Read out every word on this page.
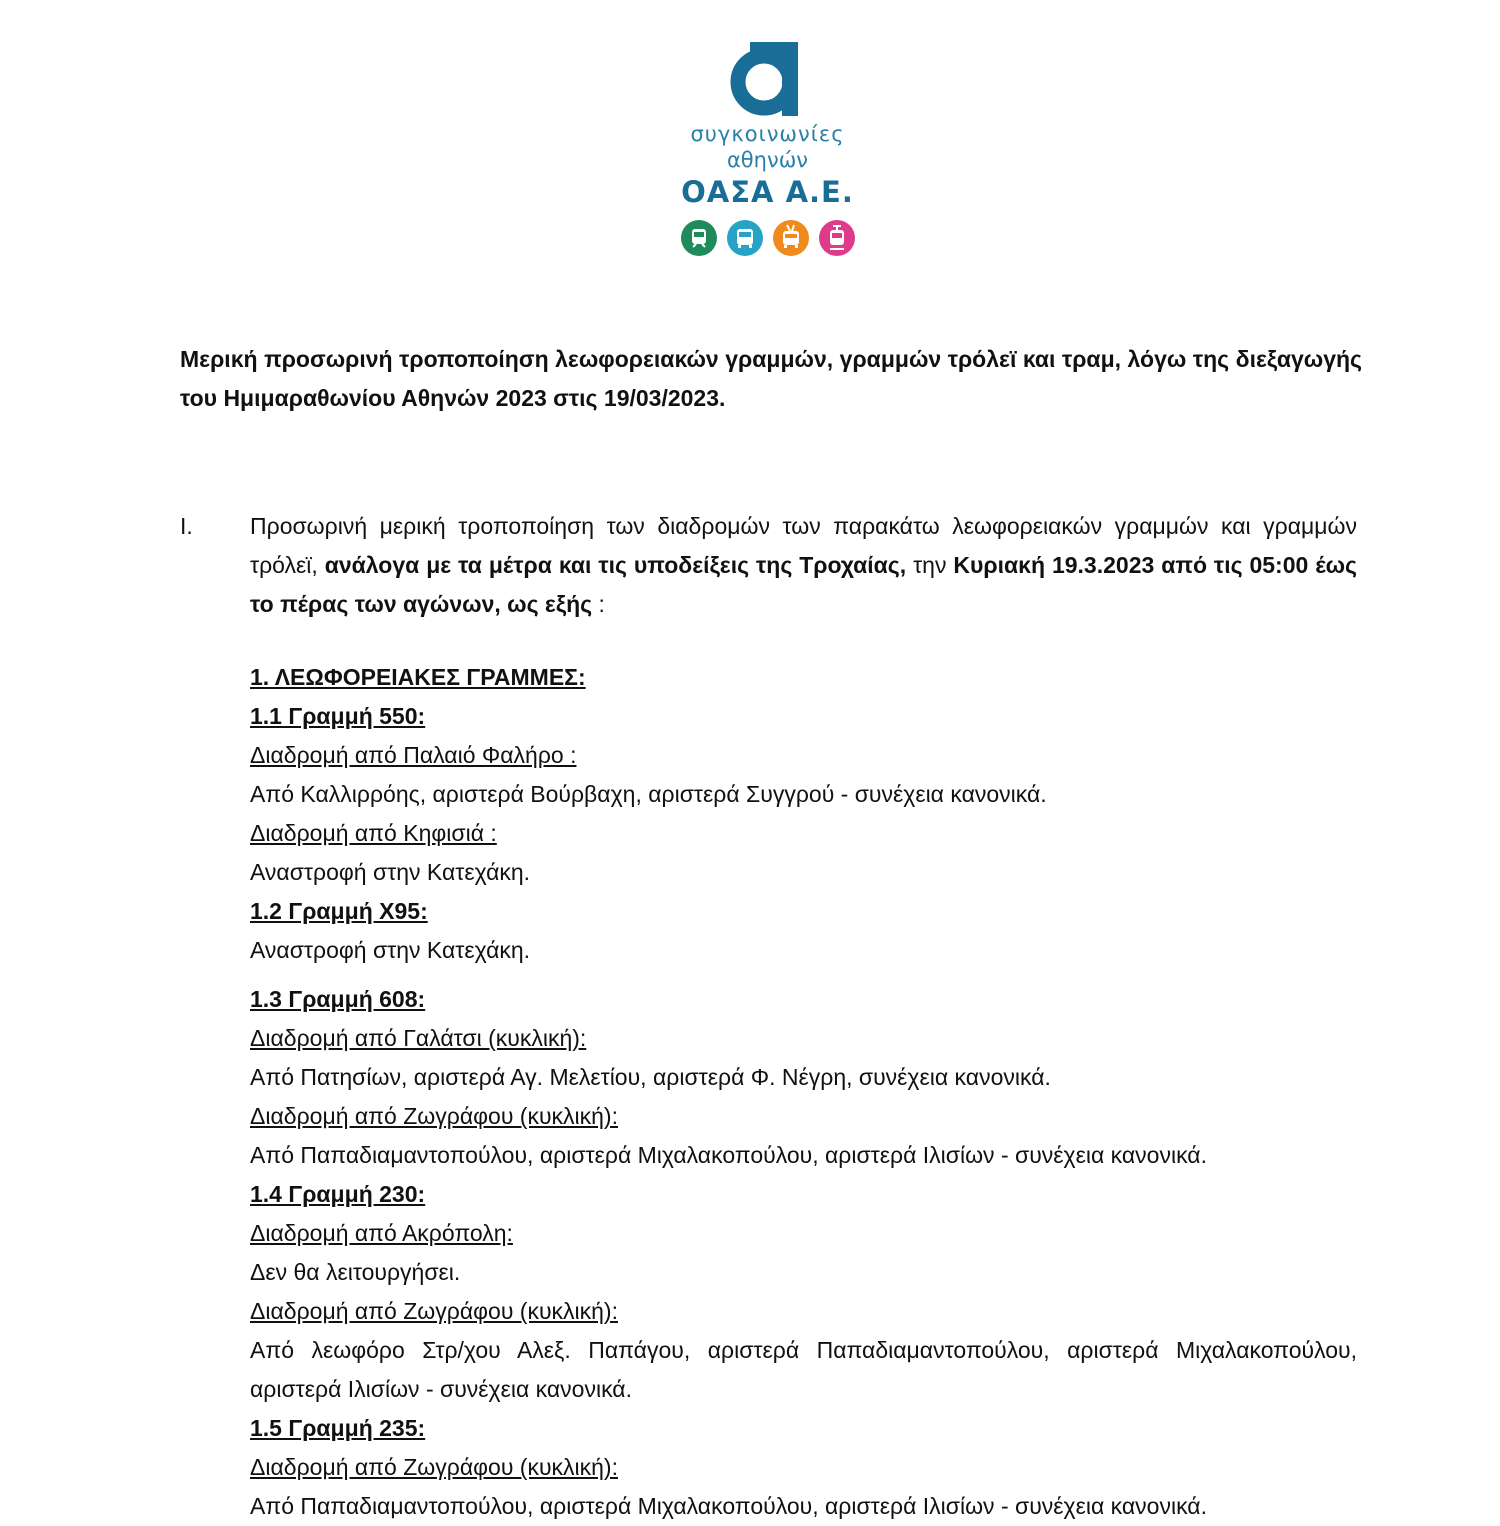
συγκοινωνίες
αθηνών
ΟΑΣΑ Α.Ε.

Μερική προσωρινή τροποποίηση λεωφορειακών γραμμών, γραμμών τρόλεϊ και τραμ, λόγω της διεξαγωγής του Ημιμαραθωνίου Αθηνών 2023 στις 19/03/2023.

I. Προσωρινή μερική τροποποίηση των διαδρομών των παρακάτω λεωφορειακών γραμμών και γραμμών τρόλεϊ, ανάλογα με τα μέτρα και τις υποδείξεις της Τροχαίας, την Κυριακή 19.3.2023 από τις 05:00 έως το πέρας των αγώνων, ως εξής :
1. ΛΕΩΦΟΡΕΙΑΚΕΣ ΓΡΑΜΜΕΣ:
1.1 Γραμμή 550:
Διαδρομή από Παλαιό Φαλήρο :
Από Καλλιρρόης, αριστερά Βούρβαχη, αριστερά Συγγρού - συνέχεια κανονικά.
Διαδρομή από Κηφισιά :
Αναστροφή στην Κατεχάκη.
1.2 Γραμμή Χ95:
Αναστροφή στην Κατεχάκη.
1.3 Γραμμή 608:
Διαδρομή από Γαλάτσι (κυκλική):
Από Πατησίων, αριστερά Αγ. Μελετίου, αριστερά Φ. Νέγρη, συνέχεια κανονικά.
Διαδρομή από Ζωγράφου (κυκλική):
Από Παπαδιαμαντοπούλου, αριστερά Μιχαλακοπούλου, αριστερά Ιλισίων - συνέχεια κανονικά.
1.4 Γραμμή 230:
Διαδρομή από Ακρόπολη:
Δεν θα λειτουργήσει.
Διαδρομή από Ζωγράφου (κυκλική):
Από λεωφόρο Στρ/χου Αλεξ. Παπάγου, αριστερά Παπαδιαμαντοπούλου, αριστερά Μιχαλακοπούλου, αριστερά Ιλισίων - συνέχεια κανονικά.
1.5 Γραμμή 235:
Διαδρομή από Ζωγράφου (κυκλική):
Από Παπαδιαμαντοπούλου, αριστερά Μιχαλακοπούλου, αριστερά Ιλισίων - συνέχεια κανονικά.
